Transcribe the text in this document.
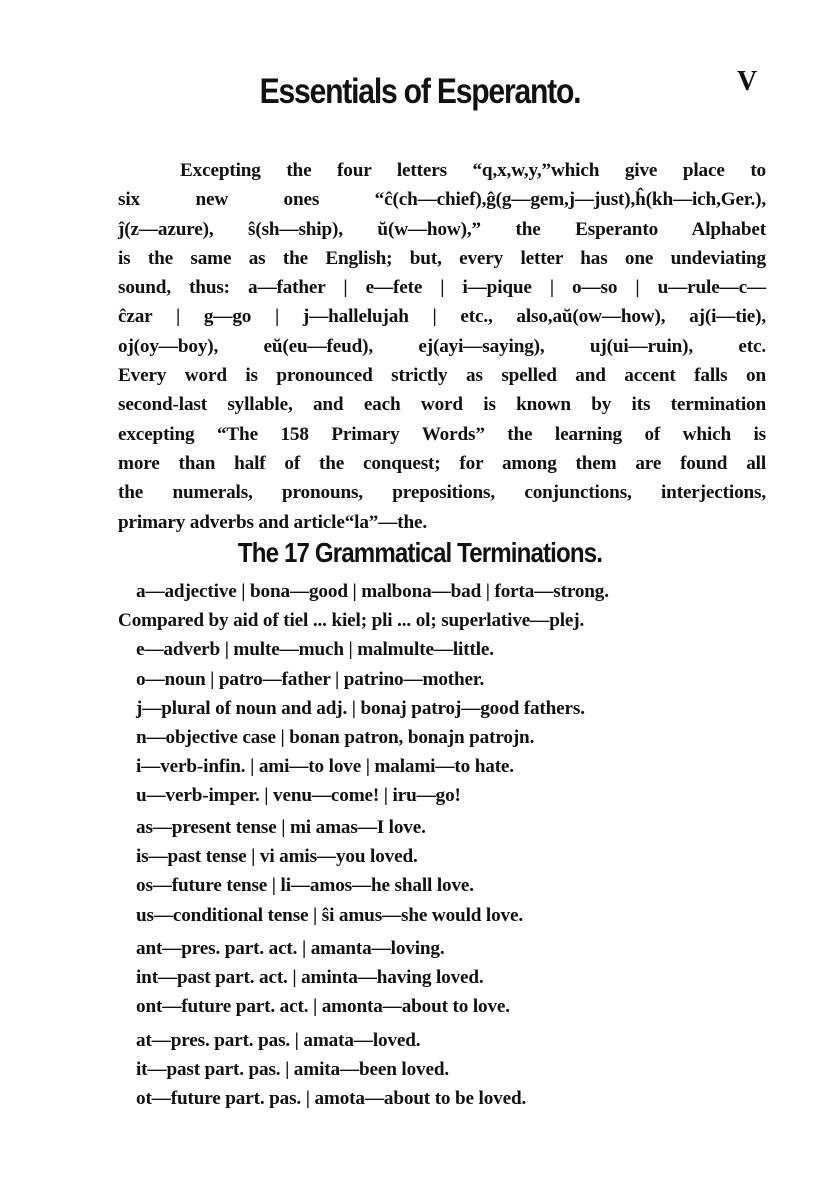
Essentials of Esperanto.	V
Excepting the four letters “q,x,w,y,”which give place to
six new ones “ĉ(ch—chief),ĝ(g—gem,j—just),ĥ(kh—ich,Ger.),
ĵ(z—azure), ŝ(sh—ship), ŭ(w—how),” the Esperanto Alphabet
is the same as the English; but, every letter has one undeviating
sound, thus: a—father | e—fete | i—pique | o—so | u—rule—c—
ĉzar | g—go | j—hallelujah | etc., also,aŭ(ow—how), aj(i—tie),
oj(oy—boy), eŭ(eu—feud), ej(ayi—saying), uj(ui—ruin), etc.
Every word is pronounced strictly as spelled and accent falls on
second-last syllable, and each word is known by its termination
excepting “The 158 Primary Words” the learning of which is
more than half of the conquest; for among them are found all
the numerals, pronouns, prepositions, conjunctions, interjections,
primary adverbs and article“la”—the.
The 17 Grammatical Terminations.
a—adjective | bona—good | malbona—bad | forta—strong.
Compared by aid of tiel ... kiel; pli ... ol; superlative—plej.
e—adverb | multe—much | malmulte—little.
o—noun | patro—father | patrino—mother.
j—plural of noun and adj. | bonaj patroj—good fathers.
n—objective case | bonan patron, bonajn patrojn.
i—verb-infin. | ami—to love | malami—to hate.
u—verb-imper. | venu—come! | iru—go!
as—present tense | mi amas—I love.
is—past tense | vi amis—you loved.
os—future tense | li—amos—he shall love.
us—conditional tense | ŝi amus—she would love.
ant—pres. part. act. | amanta—loving.
int—past part. act. | aminta—having loved.
ont—future part. act. | amonta—about to love.
at—pres. part. pas. | amata—loved.
it—past part. pas. | amita—been loved.
ot—future part. pas. | amota—about to be loved.
